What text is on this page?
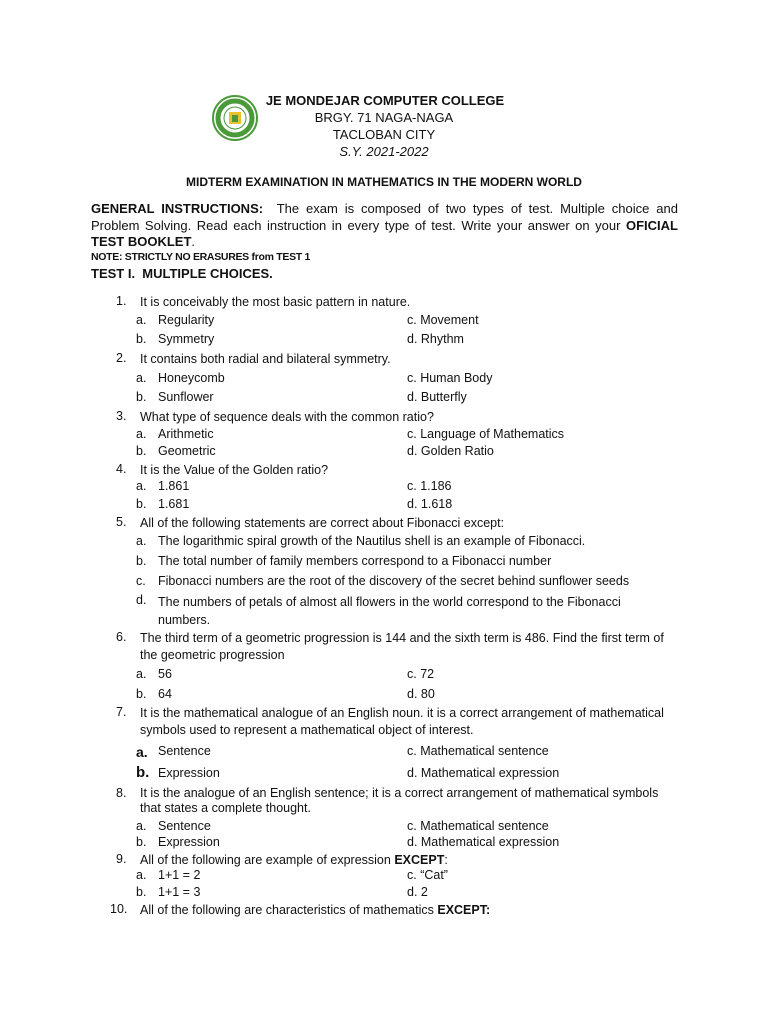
JE MONDEJAR COMPUTER COLLEGE
BRGY. 71 NAGA-NAGA
TACLOBAN CITY
S.Y. 2021-2022
MIDTERM EXAMINATION IN MATHEMATICS IN THE MODERN WORLD
GENERAL INSTRUCTIONS: The exam is composed of two types of test. Multiple choice and Problem Solving. Read each instruction in every type of test. Write your answer on your OFICIAL TEST BOOKLET.
NOTE: STRICTLY NO ERASURES from TEST 1
TEST I. MULTIPLE CHOICES.
1. It is conceivably the most basic pattern in nature.
a. Regularity	c. Movement
b. Symmetry	d. Rhythm
2. It contains both radial and bilateral symmetry.
a. Honeycomb	c. Human Body
b. Sunflower	d. Butterfly
3. What type of sequence deals with the common ratio?
a. Arithmetic	c. Language of Mathematics
b. Geometric	d. Golden Ratio
4. It is the Value of the Golden ratio?
a. 1.861	c. 1.186
b. 1.681	d. 1.618
5. All of the following statements are correct about Fibonacci except:
a. The logarithmic spiral growth of the Nautilus shell is an example of Fibonacci.
b. The total number of family members correspond to a Fibonacci number
c. Fibonacci numbers are the root of the discovery of the secret behind sunflower seeds
d. The numbers of petals of almost all flowers in the world correspond to the Fibonacci numbers.
6. The third term of a geometric progression is 144 and the sixth term is 486. Find the first term of the geometric progression
a. 56	c. 72
b. 64	d. 80
7. It is the mathematical analogue of an English noun. it is a correct arrangement of mathematical symbols used to represent a mathematical object of interest.
a. Sentence	c. Mathematical sentence
b. Expression	d. Mathematical expression
8. It is the analogue of an English sentence; it is a correct arrangement of mathematical symbols that states a complete thought.
a. Sentence	c. Mathematical sentence
b. Expression	d. Mathematical expression
9. All of the following are example of expression EXCEPT:
a. 1+1 = 2	c. “Cat”
b. 1+1 = 3	d. 2
10. All of the following are characteristics of mathematics EXCEPT:
